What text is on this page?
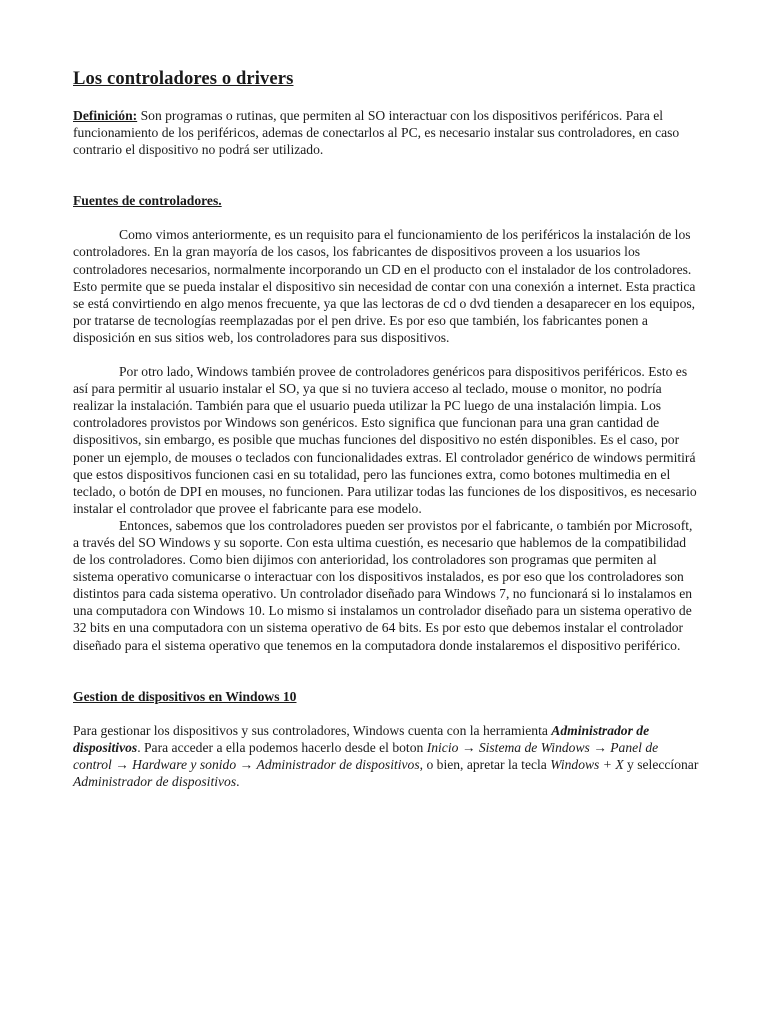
Los controladores o drivers

Definición: Son programas o rutinas, que permiten al SO interactuar con los dispositivos periféricos. Para el funcionamiento de los periféricos, ademas de conectarlos al PC, es necesario instalar sus controladores, en caso contrario el dispositivo no podrá ser utilizado.

Fuentes de controladores.

Como vimos anteriormente, es un requisito para el funcionamiento de los periféricos la instalación de los controladores. En la gran mayoría de los casos, los fabricantes de dispositivos proveen a los usuarios los controladores necesarios, normalmente incorporando un CD en el producto con el instalador de los controladores. Esto permite que se pueda instalar el dispositivo sin necesidad de contar con una conexión a internet. Esta practica se está convirtiendo en algo menos frecuente, ya que las lectoras de cd o dvd tienden a desaparecer en los equipos, por tratarse de tecnologías reemplazadas por el pen drive. Es por eso que también, los fabricantes ponen a disposición en sus sitios web, los controladores para sus dispositivos.

Por otro lado, Windows también provee de controladores genéricos para dispositivos periféricos. Esto es así para permitir al usuario instalar el SO, ya que si no tuviera acceso al teclado, mouse o monitor, no podría realizar la instalación. También para que el usuario pueda utilizar la PC luego de una instalación limpia. Los controladores provistos por Windows son genéricos. Esto significa que funcionan para una gran cantidad de dispositivos, sin embargo, es posible que muchas funciones del dispositivo no estén disponibles. Es el caso, por poner un ejemplo, de mouses o teclados con funcionalidades extras. El controlador genérico de windows permitirá que estos dispositivos funcionen casi en su totalidad, pero las funciones extra, como botones multimedia en el teclado, o botón de DPI en mouses, no funcionen. Para utilizar todas las funciones de los dispositivos, es necesario instalar el controlador que provee el fabricante para ese modelo.

Entonces, sabemos que los controladores pueden ser provistos por el fabricante, o también por Microsoft, a través del SO Windows y su soporte. Con esta ultima cuestión, es necesario que hablemos de la compatibilidad de los controladores. Como bien dijimos con anterioridad, los controladores son programas que permiten al sistema operativo comunicarse o interactuar con los dispositivos instalados, es por eso que los controladores son distintos para cada sistema operativo. Un controlador diseñado para Windows 7, no funcionará si lo instalamos en una computadora con Windows 10. Lo mismo si instalamos un controlador diseñado para un sistema operativo de 32 bits en una computadora con un sistema operativo de 64 bits. Es por esto que debemos instalar el controlador diseñado para el sistema operativo que tenemos en la computadora donde instalaremos el dispositivo periférico.

Gestion de dispositivos en Windows 10

Para gestionar los dispositivos y sus controladores, Windows cuenta con la herramienta Administrador de dispositivos. Para acceder a ella podemos hacerlo desde el boton Inicio → Sistema de Windows → Panel de control → Hardware y sonido → Administrador de dispositivos, o bien, apretar la tecla Windows + X y seleccíonar Administrador de dispositivos.
